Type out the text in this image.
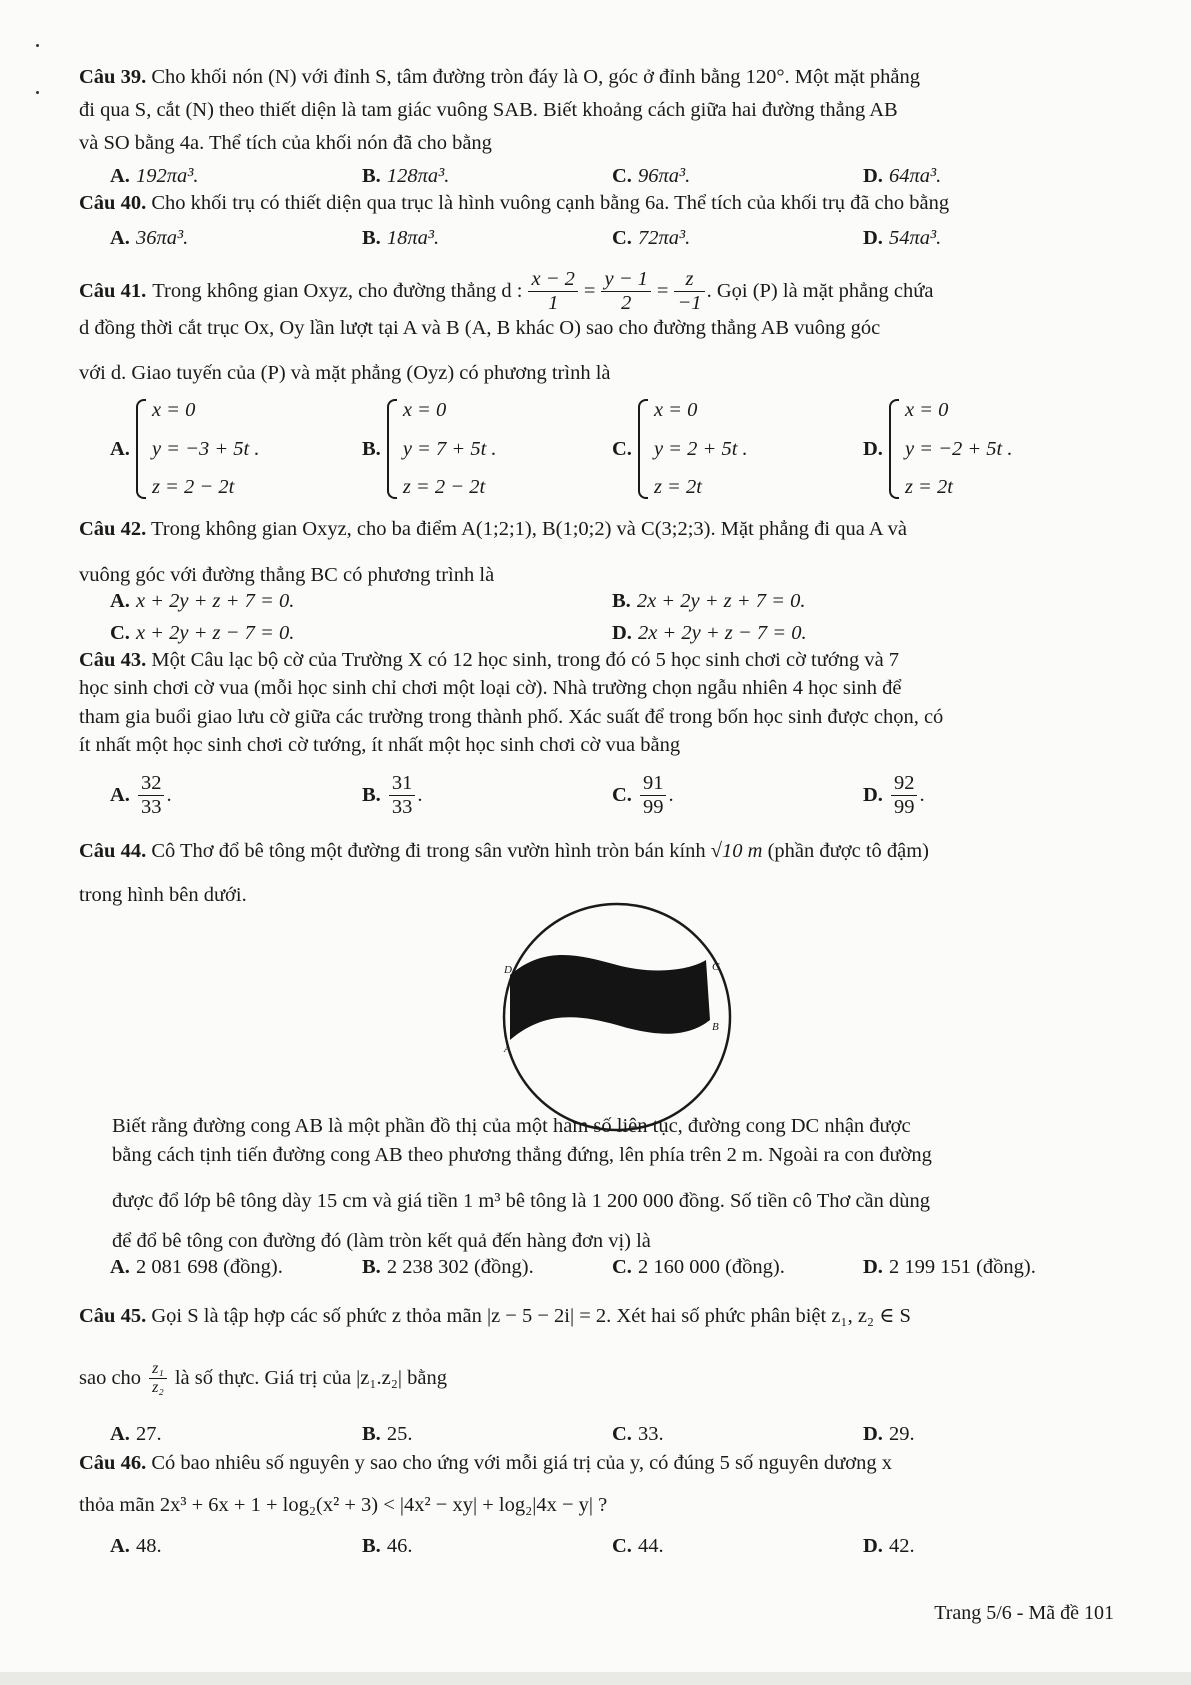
Câu 39. Cho khối nón (N) với đỉnh S, tâm đường tròn đáy là O, góc ở đỉnh bằng 120°. Một mặt phẳng
đi qua S, cắt (N) theo thiết diện là tam giác vuông SAB. Biết khoảng cách giữa hai đường thẳng AB
và SO bằng 4a. Thể tích của khối nón đã cho bằng
A. 192πa³.	B. 128πa³.	C. 96πa³.	D. 64πa³.
Câu 40. Cho khối trụ có thiết diện qua trục là hình vuông cạnh bằng 6a. Thể tích của khối trụ đã cho bằng
A. 36πa³.	B. 18πa³.	C. 72πa³.	D. 54πa³.
Câu 41. Trong không gian Oxyz, cho đường thẳng d : $\frac{x - 2}{1} = \frac{y - 1}{2} = \frac{z}{-1}$ . Gọi (P) là mặt phẳng chứa
d đồng thời cắt trục Ox, Oy lần lượt tại A và B (A, B khác O) sao cho đường thẳng AB vuông góc
với d. Giao tuyến của (P) và mặt phẳng (Oyz) có phương trình là
A.
x = 0
y = −3 + 5t .
z = 2 − 2t
B.
x = 0
y = 7 + 5t .
z = 2 − 2t
C.
x = 0
y = 2 + 5t .
z = 2t
D.
x = 0
y = −2 + 5t .
z = 2t
Câu 42. Trong không gian Oxyz, cho ba điểm A(1;2;1), B(1;0;2) và C(3;2;3). Mặt phẳng đi qua A và
vuông góc với đường thẳng BC có phương trình là
A. x + 2y + z + 7 = 0.	B. 2x + 2y + z + 7 = 0.
C. x + 2y + z − 7 = 0.	D. 2x + 2y + z − 7 = 0.
Câu 43. Một Câu lạc bộ cờ của Trường X có 12 học sinh, trong đó có 5 học sinh chơi cờ tướng và 7
học sinh chơi cờ vua (mỗi học sinh chỉ chơi một loại cờ). Nhà trường chọn ngẫu nhiên 4 học sinh để
tham gia buổi giao lưu cờ giữa các trường trong thành phố. Xác suất để trong bốn học sinh được chọn, có
ít nhất một học sinh chơi cờ tướng, ít nhất một học sinh chơi cờ vua bằng
A. $\frac{32}{33}$ .	B. $\frac{31}{33}$ .	C. $\frac{91}{99}$ .	D. $\frac{92}{99}$ .
Câu 44. Cô Thơ đổ bê tông một đường đi trong sân vườn hình tròn bán kính √10 m (phần được tô đậm)
trong hình bên dưới.
D	C
A
B
Biết rằng đường cong AB là một phần đồ thị của một hàm số liên tục, đường cong DC nhận được
bằng cách tịnh tiến đường cong AB theo phương thẳng đứng, lên phía trên 2 m. Ngoài ra con đường
được đổ lớp bê tông dày 15 cm và giá tiền 1 m³ bê tông là 1 200 000 đồng. Số tiền cô Thơ cần dùng
để đổ bê tông con đường đó (làm tròn kết quả đến hàng đơn vị) là
A. 2 081 698 (đồng).	B. 2 238 302 (đồng).	C. 2 160 000 (đồng).	D. 2 199 151 (đồng).
Câu 45. Gọi S là tập hợp các số phức z thỏa mãn |z − 5 − 2i| = 2. Xét hai số phức phân biệt z₁, z₂ ∈ S
sao cho $\frac{\text{z₁}}{\text{z₂}}$ là số thực. Giá trị của |z₁.z₂| bằng
A. 27.	B. 25.	C. 33.	D. 29.
Câu 46. Có bao nhiêu số nguyên y sao cho ứng với mỗi giá trị của y, có đúng 5 số nguyên dương x
thỏa mãn 2x³ + 6x + 1 + log₂(x² + 3) < |4x² − xy| + log₂|4x − y| ?
A. 48.	B. 46.	C. 44.	D. 42.
Trang 5/6 - Mã đề 101
